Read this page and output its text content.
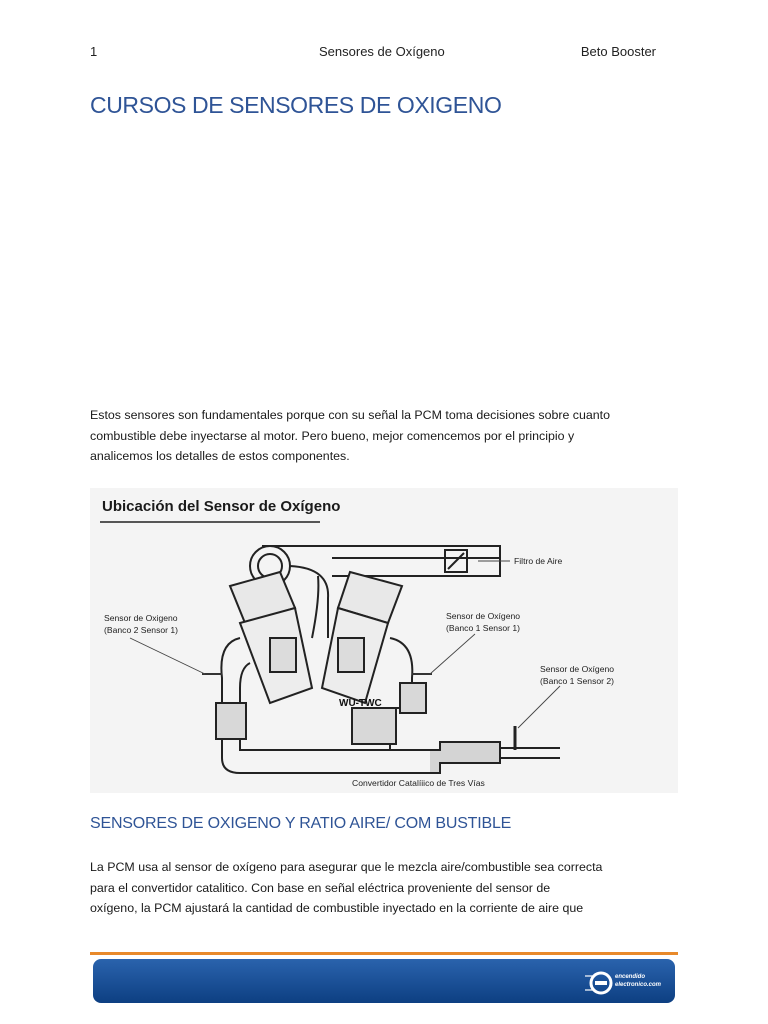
1	Sensores de Oxígeno	Beto Booster
CURSOS DE SENSORES DE OXIGENO

Estos sensores son fundamentales porque con su señal la PCM toma decisiones sobre cuanto
combustible debe inyectarse al motor. Pero bueno, mejor comencemos por el principio y
analicemos los detalles de estos componentes.

Ubicación del Sensor de Oxígeno
Filtro de Aire
Sensor de Oxigeno
(Banco 2 Sensor 1)
Sensor de Oxígeno
(Banco 1 Sensor 1)
Sensor de Oxígeno
(Banco 1 Sensor 2)
Convertidor Catalíiico de Tres Vías
WU-TWC
SENSORES DE OXIGENO Y RATIO AIRE/ COM BUSTIBLE

La PCM usa al sensor de oxígeno para asegurar que le mezcla aire/combustible sea correcta
para el convertidor catalitico. Con base en señal eléctrica proveniente del sensor de
oxígeno, la PCM ajustará la cantidad de combustible inyectado en la corriente de aire que

encendido
electronico.com
